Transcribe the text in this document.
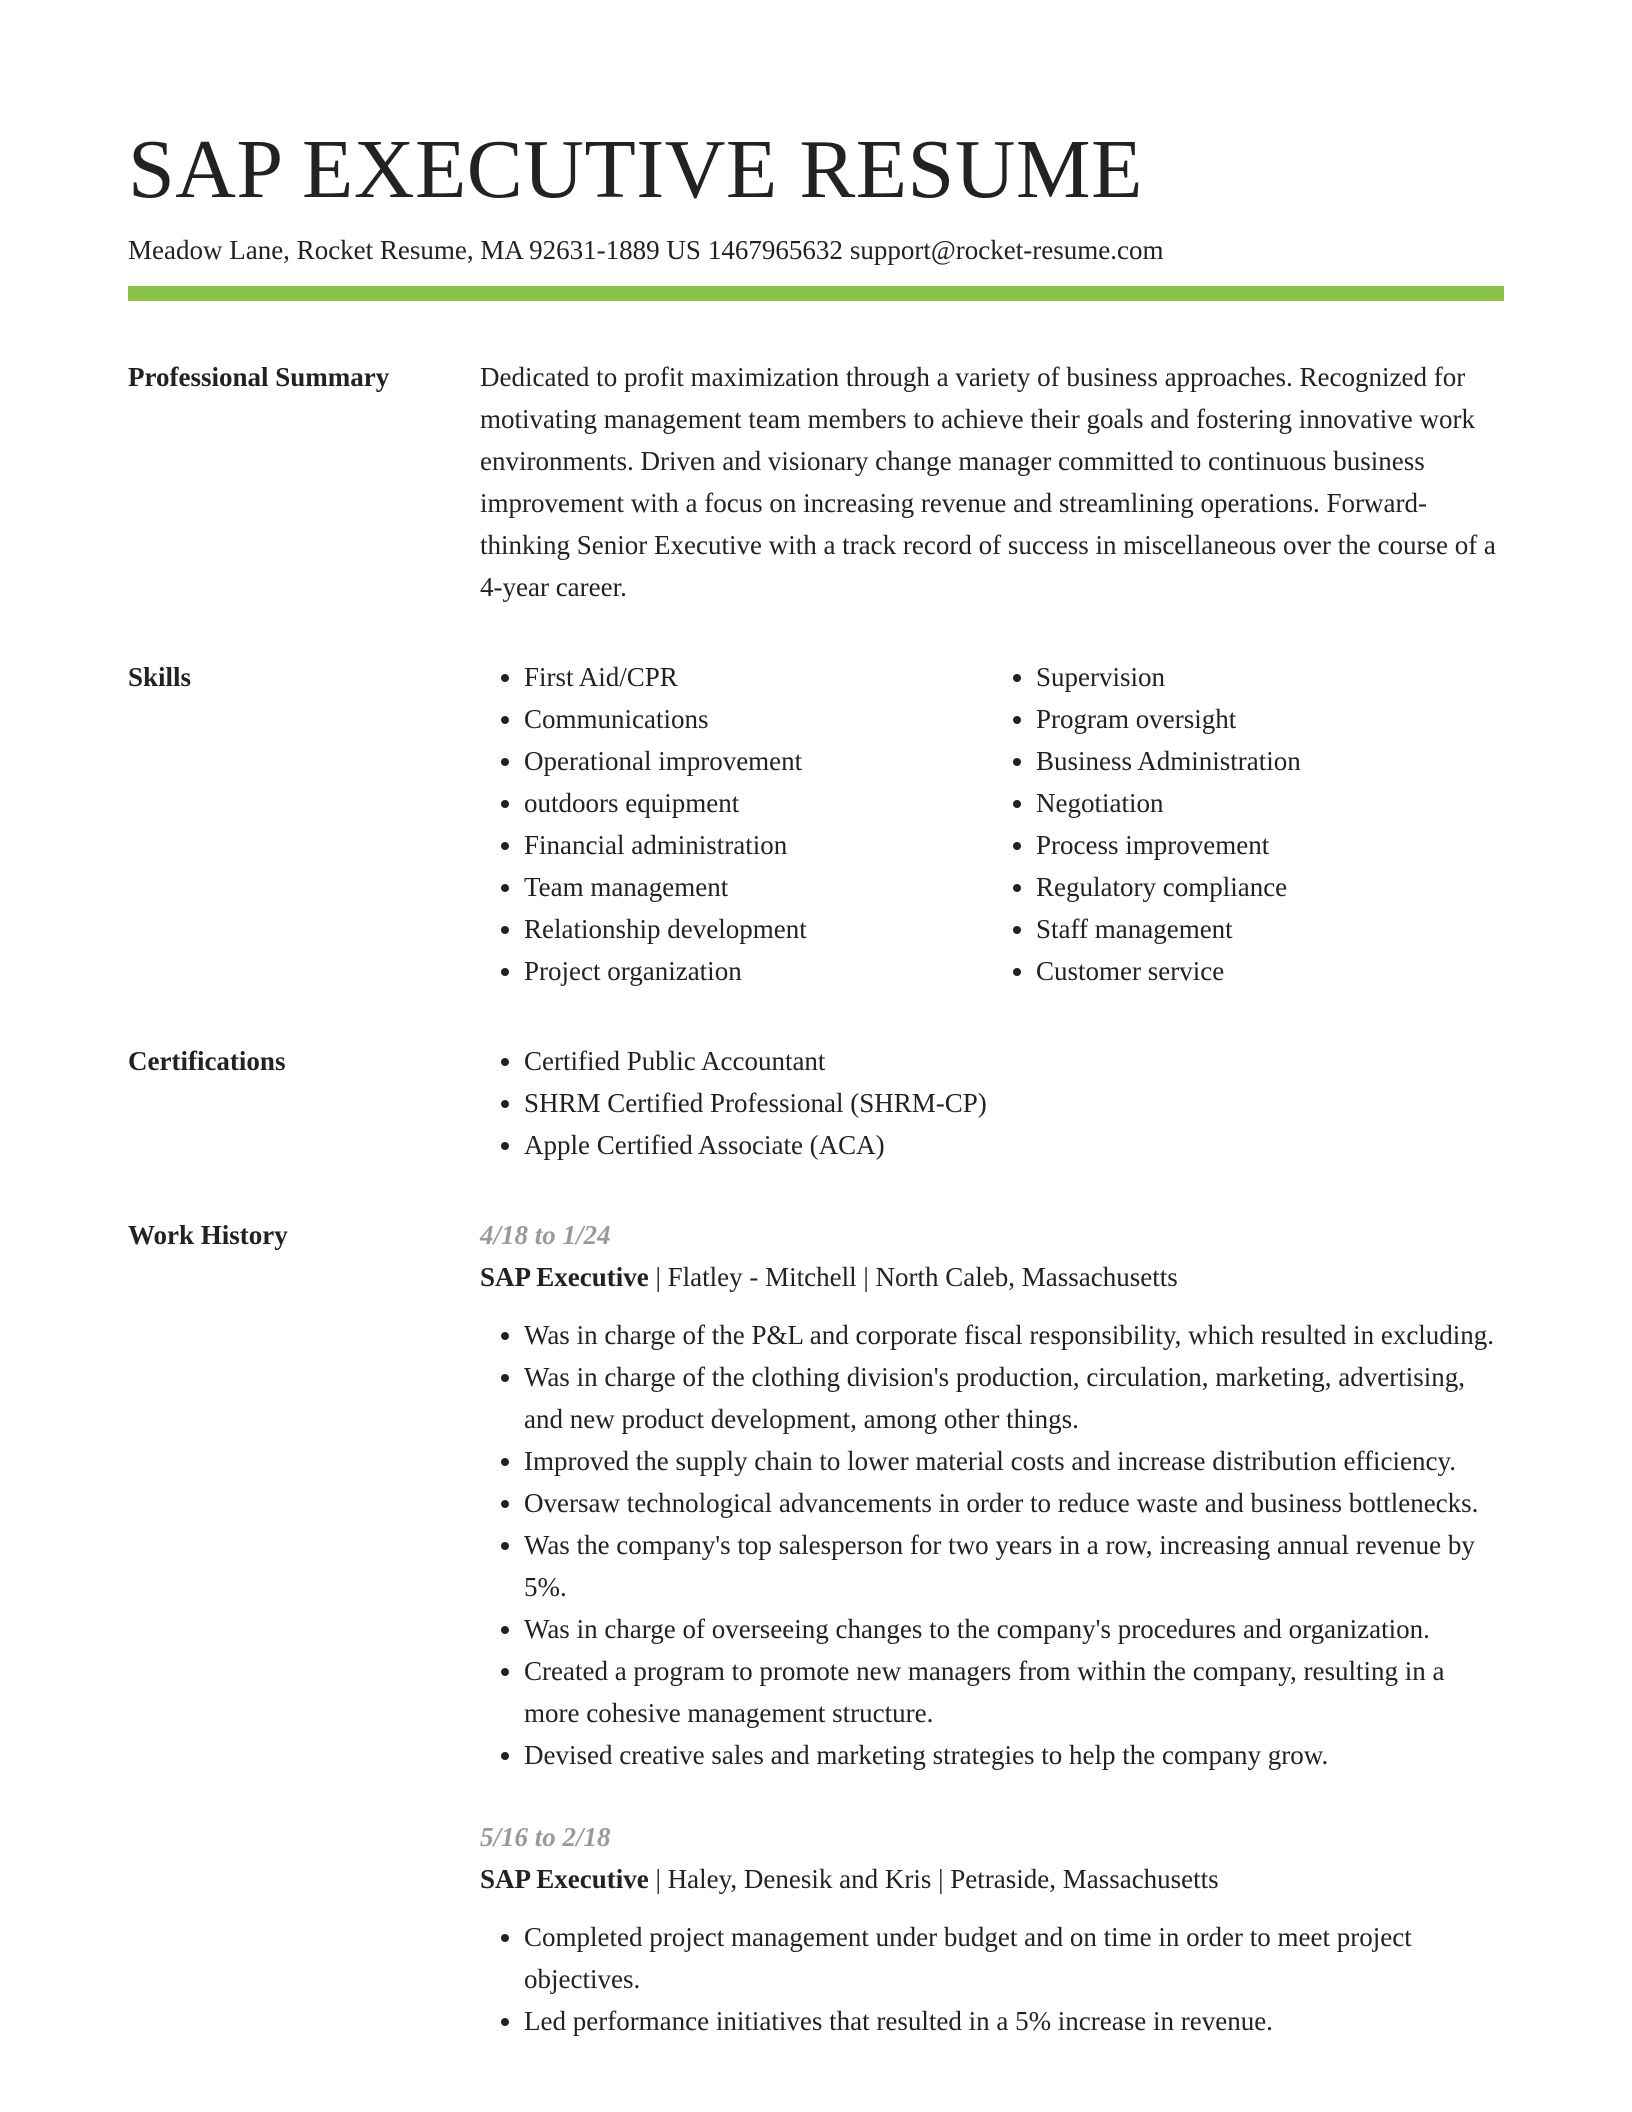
SAP EXECUTIVE RESUME
Meadow Lane, Rocket Resume, MA 92631-1889 US 1467965632 support@rocket-resume.com
Professional Summary	Dedicated to profit maximization through a variety of business approaches. Recognized for motivating management team members to achieve their goals and fostering innovative work environments. Driven and visionary change manager committed to continuous business improvement with a focus on increasing revenue and streamlining operations. Forward-thinking Senior Executive with a track record of success in miscellaneous over the course of a 4-year career.

Skills	• First Aid/CPR
• Communications
• Operational improvement
• outdoors equipment
• Financial administration
• Team management
• Relationship development
• Project organization
• Supervision
• Program oversight
• Business Administration
• Negotiation
• Process improvement
• Regulatory compliance
• Staff management
• Customer service
Certifications	• Certified Public Accountant
• SHRM Certified Professional (SHRM-CP)
• Apple Certified Associate (ACA)
Work History	4/18 to 1/24
SAP Executive | Flatley - Mitchell | North Caleb, Massachusetts
• Was in charge of the P&L and corporate fiscal responsibility, which resulted in excluding.
• Was in charge of the clothing division's production, circulation, marketing, advertising, and new product development, among other things.
• Improved the supply chain to lower material costs and increase distribution efficiency.
• Oversaw technological advancements in order to reduce waste and business bottlenecks.
• Was the company's top salesperson for two years in a row, increasing annual revenue by 5%.
• Was in charge of overseeing changes to the company's procedures and organization.
• Created a program to promote new managers from within the company, resulting in a more cohesive management structure.
• Devised creative sales and marketing strategies to help the company grow.
5/16 to 2/18
SAP Executive | Haley, Denesik and Kris | Petraside, Massachusetts
• Completed project management under budget and on time in order to meet project objectives.
• Led performance initiatives that resulted in a 5% increase in revenue.
